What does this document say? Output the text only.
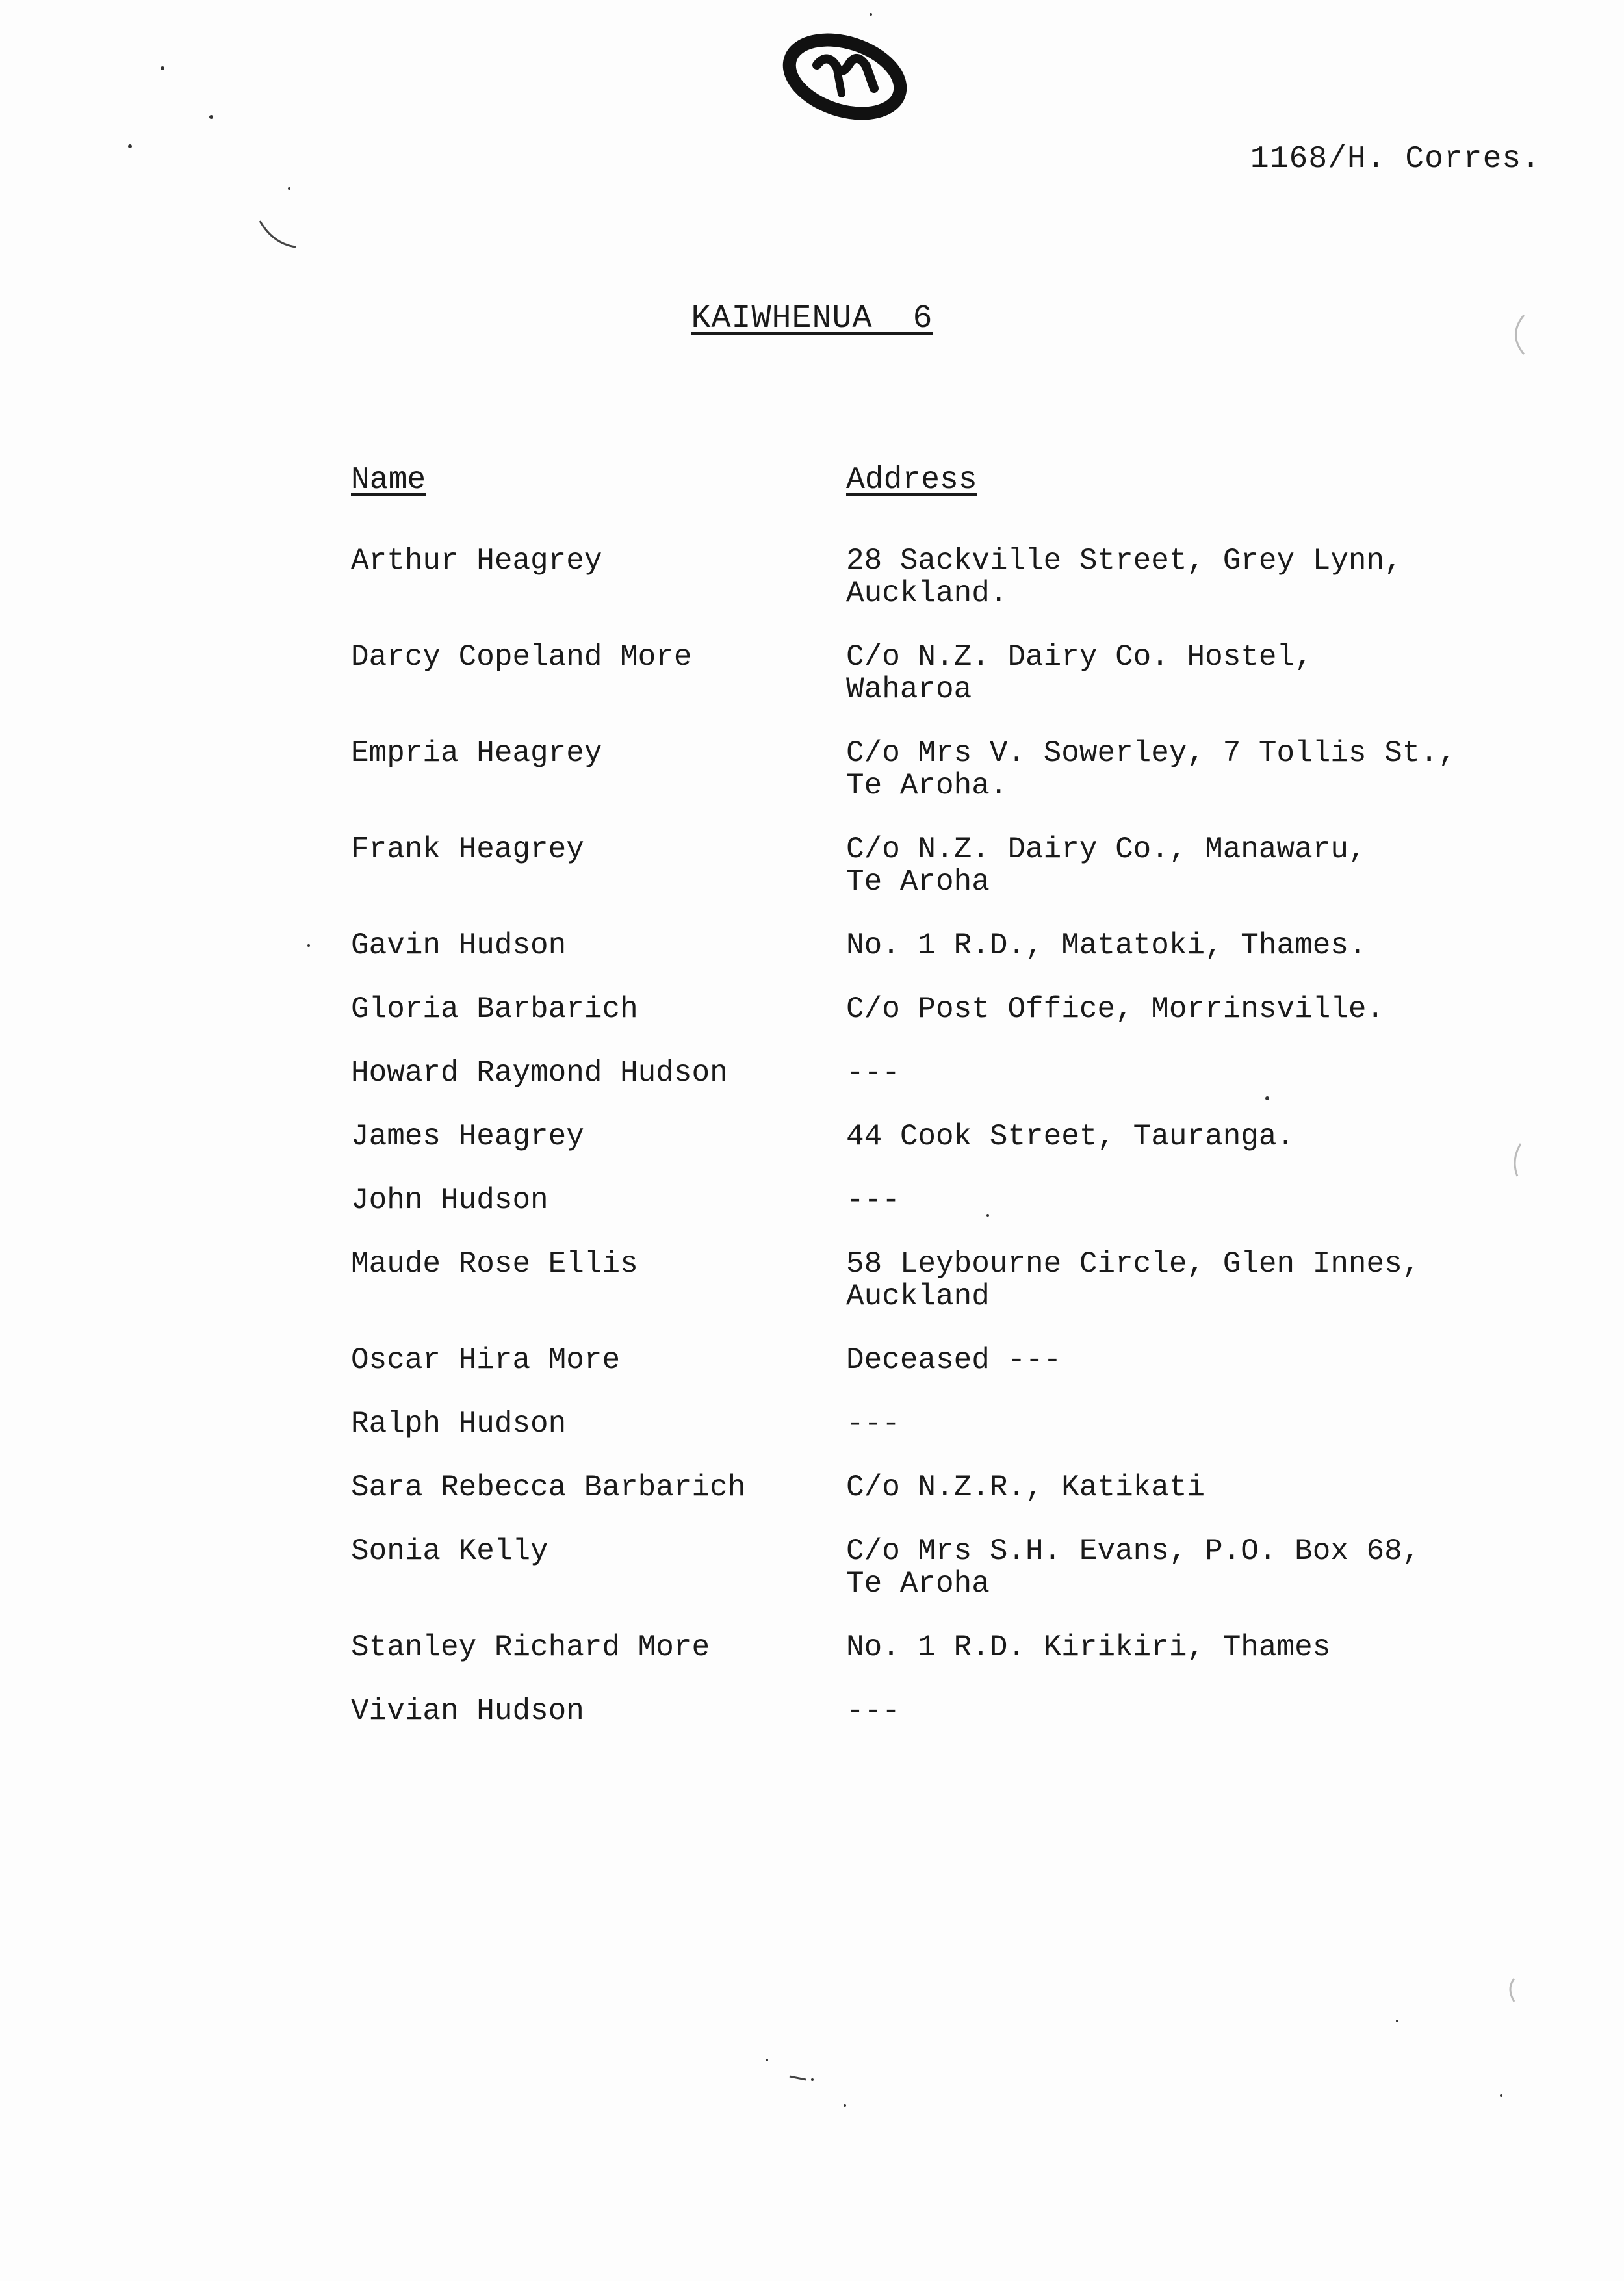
1168/H. Corres.
KAIWHENUA  6
Name	Address
Arthur Heagrey	28 Sackville Street, Grey Lynn,
Auckland.
Darcy Copeland More	C/o N.Z. Dairy Co. Hostel,
Waharoa
Empria Heagrey	C/o Mrs V. Sowerley, 7 Tollis St.,
Te Aroha.
Frank Heagrey	C/o N.Z. Dairy Co., Manawaru,
Te Aroha
Gavin Hudson	No. 1 R.D., Matatoki, Thames.
Gloria Barbarich	C/o Post Office, Morrinsville.
Howard Raymond Hudson	---
James Heagrey	44 Cook Street, Tauranga.
John Hudson	---
Maude Rose Ellis	58 Leybourne Circle, Glen Innes,
Auckland
Oscar Hira More	Deceased ---
Ralph Hudson	---
Sara Rebecca Barbarich	C/o N.Z.R., Katikati
Sonia Kelly	C/o Mrs S.H. Evans, P.O. Box 68,
Te Aroha
Stanley Richard More	No. 1 R.D. Kirikiri, Thames
Vivian Hudson	---
